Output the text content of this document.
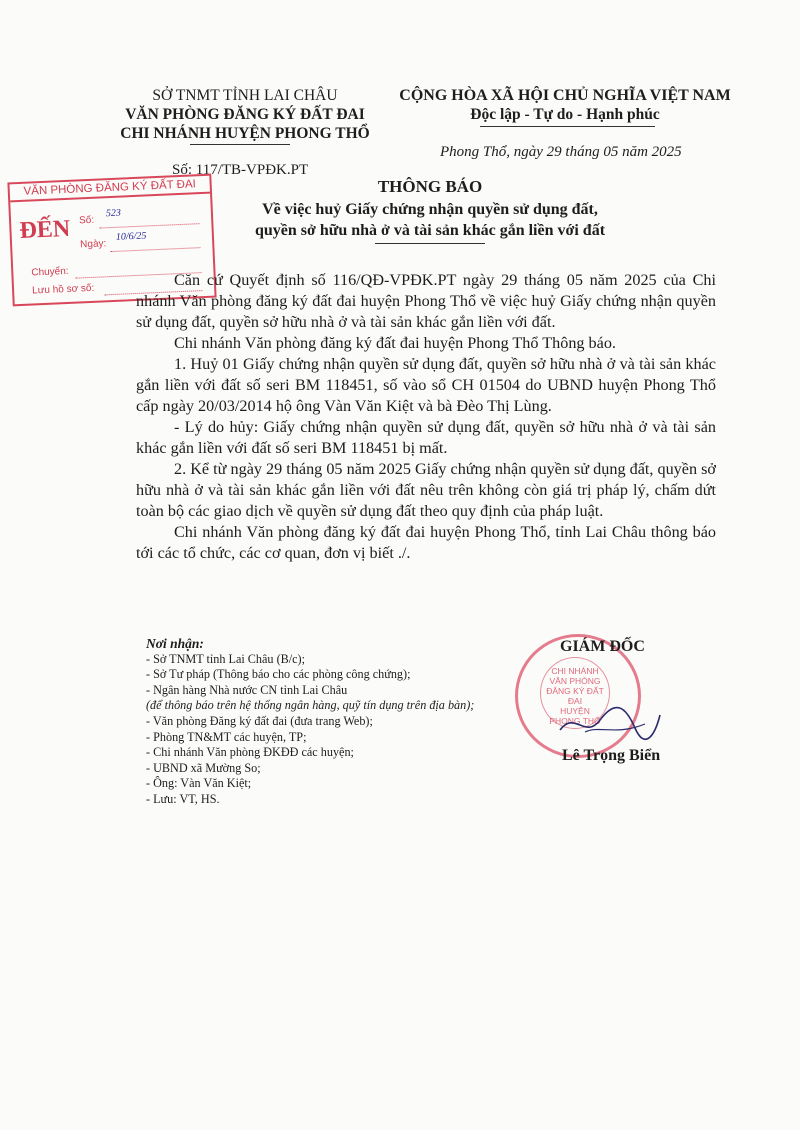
SỞ TNMT TỈNH LAI CHÂU
VĂN PHÒNG ĐĂNG KÝ ĐẤT ĐAI
CHI NHÁNH HUYỆN PHONG THỔ
CỘNG HÒA XÃ HỘI CHỦ NGHĨA VIỆT NAM
Độc lập - Tự do - Hạnh phúc
Số: 117/TB-VPĐK.PT
Phong Thổ, ngày 29 tháng 05 năm 2025
VĂN PHÒNG ĐĂNG KÝ ĐẤT ĐAI
ĐẾN Số:
523
Ngày:
10/6/25
Chuyển:
Lưu hồ sơ số:
THÔNG BÁO
Về việc huỷ Giấy chứng nhận quyền sử dụng đất,
quyền sở hữu nhà ở và tài sản khác gắn liền với đất

Căn cứ Quyết định số 116/QĐ-VPĐK.PT ngày 29 tháng 05 năm 2025 của Chi nhánh Văn phòng đăng ký đất đai huyện Phong Thổ về việc huỷ Giấy chứng nhận quyền sử dụng đất, quyền sở hữu nhà ở và tài sản khác gắn liền với đất.

Chi nhánh Văn phòng đăng ký đất đai huyện Phong Thổ Thông báo.

1. Huỷ 01 Giấy chứng nhận quyền sử dụng đất, quyền sở hữu nhà ở và tài sản khác gắn liền với đất số seri BM 118451, số vào sổ CH 01504 do UBND huyện Phong Thổ cấp ngày 20/03/2014 hộ ông Vàn Văn Kiệt và bà Đèo Thị Lùng.

- Lý do hủy: Giấy chứng nhận quyền sử dụng đất, quyền sở hữu nhà ở và tài sản khác gắn liền với đất số seri BM 118451 bị mất.

2. Kể từ ngày 29 tháng 05 năm 2025 Giấy chứng nhận quyền sử dụng đất, quyền sở hữu nhà ở và tài sản khác gắn liền với đất nêu trên không còn giá trị pháp lý, chấm dứt toàn bộ các giao dịch về quyền sử dụng đất theo quy định của pháp luật.

Chi nhánh Văn phòng đăng ký đất đai huyện Phong Thổ, tỉnh Lai Châu thông báo tới các tổ chức, các cơ quan, đơn vị biết ./.

Nơi nhận:
- Sở TNMT tỉnh Lai Châu (B/c);
- Sở Tư pháp (Thông báo cho các phòng công chứng);
- Ngân hàng Nhà nước CN tỉnh Lai Châu
(để thông báo trên hệ thống ngân hàng, quỹ tín dụng trên địa bàn);
- Văn phòng Đăng ký đất đai (đưa trang Web);
- Phòng TN&MT các huyện, TP;
- Chi nhánh Văn phòng ĐKĐĐ các huyện;
- UBND xã Mường So;
- Ông: Vàn Văn Kiệt;
- Lưu: VT, HS.
CHI NHÁNH
VĂN PHÒNG
ĐĂNG KÝ ĐẤT ĐAI
HUYỆN
PHONG THỔ
GIÁM ĐỐC
Lê Trọng Biển
